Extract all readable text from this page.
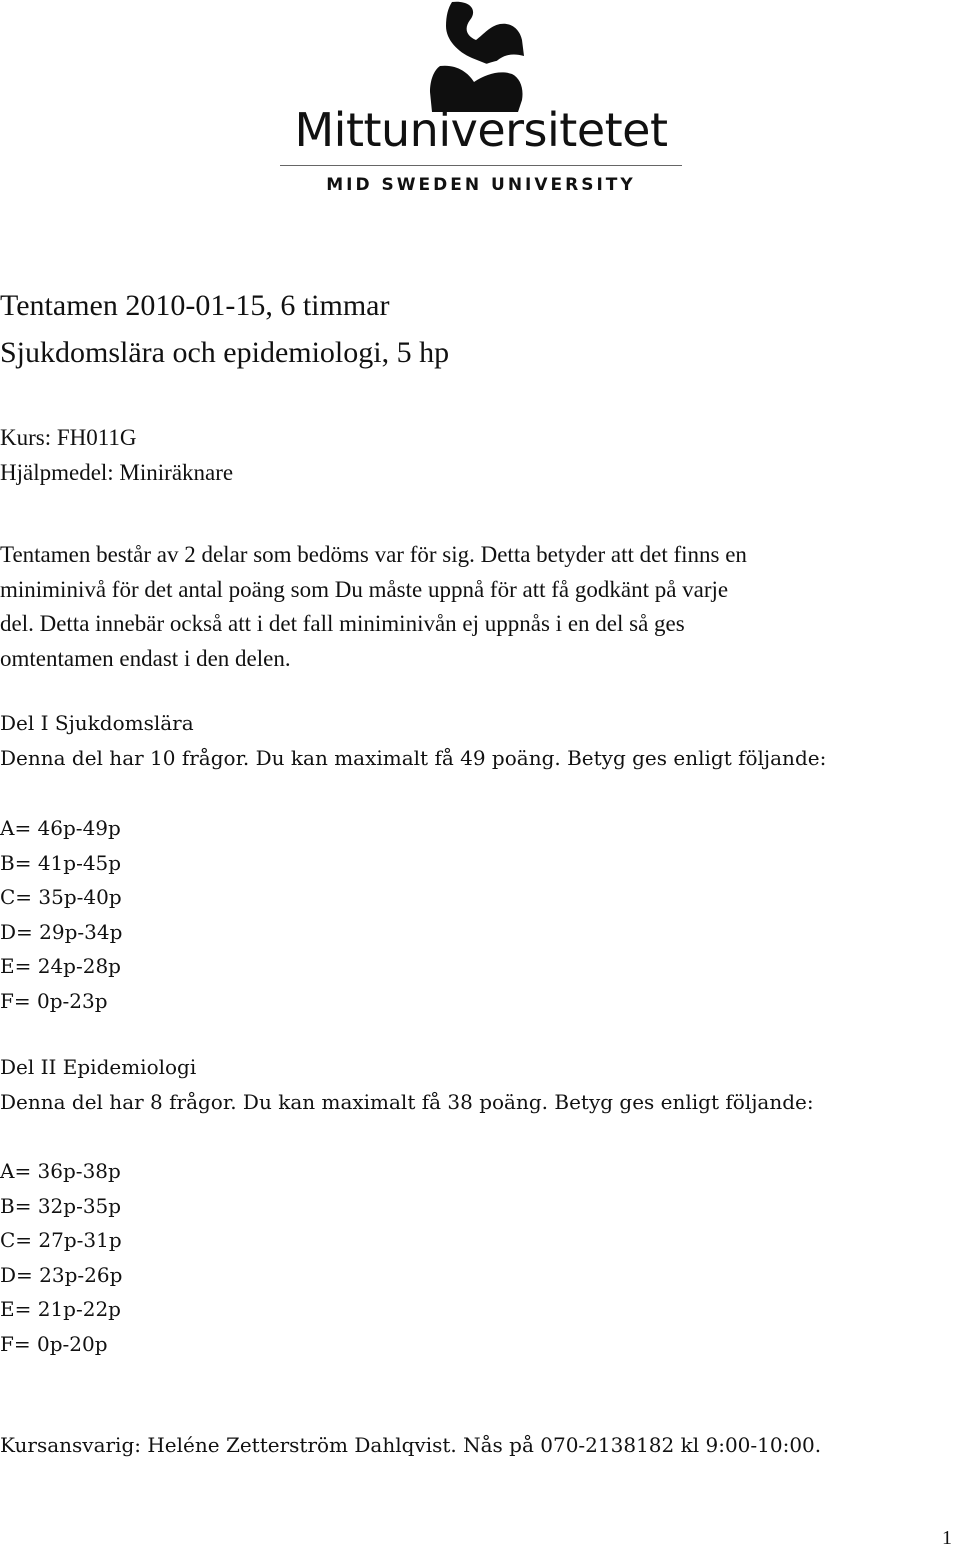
Mittuniversitetet
MID SWEDEN UNIVERSITY
Tentamen 2010-01-15, 6 timmar
Sjukdomslära och epidemiologi, 5 hp
Kurs: FH011G
Hjälpmedel: Miniräknare
Tentamen består av 2 delar som bedöms var för sig. Detta betyder att det finns en
miniminivå för det antal poäng som Du måste uppnå för att få godkänt på varje
del. Detta innebär också att i det fall miniminivån ej uppnås i en del så ges
omtentamen endast i den delen.
Del I Sjukdomslära
Denna del har 10 frågor. Du kan maximalt få 49 poäng. Betyg ges enligt följande:
A= 46p-49p
B= 41p-45p
C= 35p-40p
D= 29p-34p
E= 24p-28p
F= 0p-23p
Del II Epidemiologi
Denna del har 8 frågor. Du kan maximalt få 38 poäng. Betyg ges enligt följande:
A= 36p-38p
B= 32p-35p
C= 27p-31p
D= 23p-26p
E= 21p-22p
F= 0p-20p
Kursansvarig: Heléne Zetterström Dahlqvist. Nås på 070-2138182 kl 9:00-10:00.
1
